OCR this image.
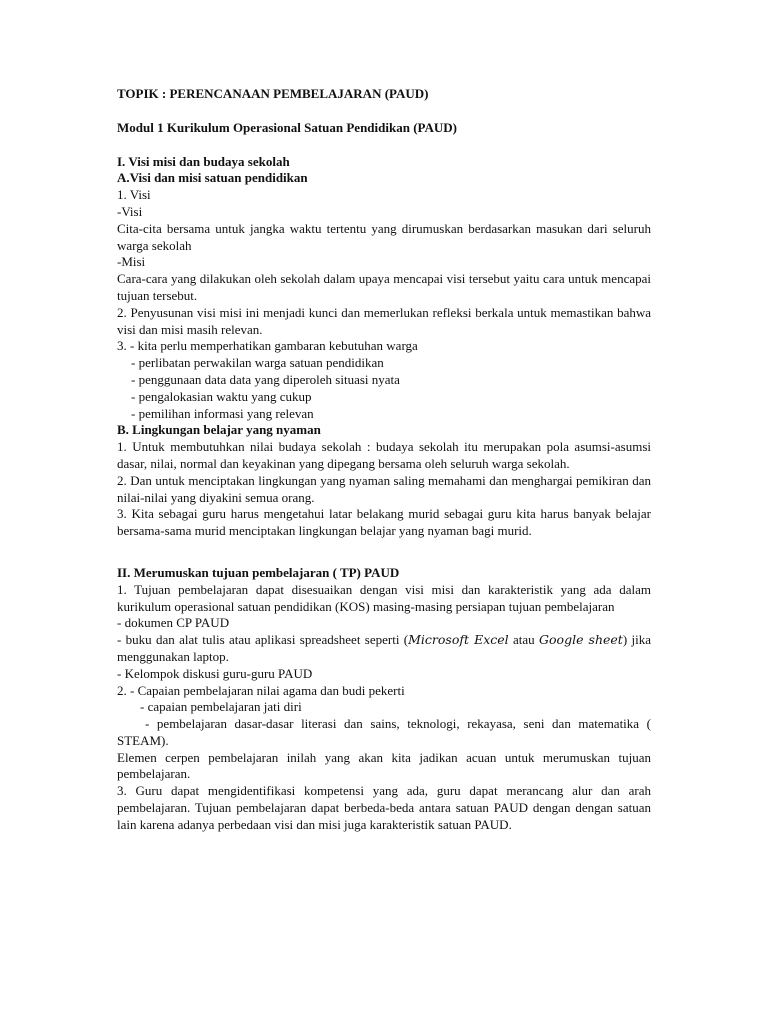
TOPIK : PERENCANAAN PEMBELAJARAN (PAUD)

Modul 1 Kurikulum Operasional Satuan Pendidikan (PAUD)

I. Visi misi dan budaya sekolah

A.Visi dan misi satuan pendidikan

1. Visi

-Visi

Cita-cita bersama untuk jangka waktu tertentu yang dirumuskan berdasarkan masukan dari seluruh warga sekolah

-Misi

Cara-cara yang dilakukan oleh sekolah dalam upaya mencapai visi tersebut yaitu cara untuk mencapai tujuan tersebut.

2. Penyusunan visi misi ini menjadi kunci dan memerlukan refleksi berkala untuk memastikan bahwa visi dan misi masih relevan.

3. - kita perlu memperhatikan gambaran kebutuhan warga

- perlibatan perwakilan warga satuan pendidikan

- penggunaan data data yang diperoleh situasi nyata

- pengalokasian waktu yang cukup

- pemilihan informasi yang relevan

B. Lingkungan belajar yang nyaman

1. Untuk membutuhkan nilai budaya sekolah : budaya sekolah itu merupakan pola asumsi-asumsi dasar, nilai, normal dan keyakinan yang dipegang bersama oleh seluruh warga sekolah.

2. Dan untuk menciptakan lingkungan yang nyaman saling memahami dan menghargai pemikiran dan nilai-nilai yang diyakini semua orang.

3. Kita sebagai guru harus mengetahui latar belakang murid sebagai guru kita harus banyak belajar bersama-sama murid menciptakan lingkungan belajar yang nyaman bagi murid.

II. Merumuskan tujuan pembelajaran ( TP) PAUD

1. Tujuan pembelajaran dapat disesuaikan dengan visi misi dan karakteristik yang ada dalam kurikulum operasional satuan pendidikan (KOS) masing-masing persiapan tujuan pembelajaran

- dokumen CP PAUD

- buku dan alat tulis atau aplikasi spreadsheet seperti (Microsoft Excel atau Google sheet) jika menggunakan laptop.

- Kelompok diskusi guru-guru PAUD

2. - Capaian pembelajaran nilai agama dan budi pekerti

- capaian pembelajaran jati diri

- pembelajaran dasar-dasar literasi dan sains, teknologi, rekayasa, seni dan matematika ( STEAM).

Elemen cerpen pembelajaran inilah yang akan kita jadikan acuan untuk merumuskan tujuan pembelajaran.

3. Guru dapat mengidentifikasi kompetensi yang ada, guru dapat merancang alur dan arah pembelajaran. Tujuan pembelajaran dapat berbeda-beda antara satuan PAUD dengan dengan satuan lain karena adanya perbedaan visi dan misi juga karakteristik satuan PAUD.
